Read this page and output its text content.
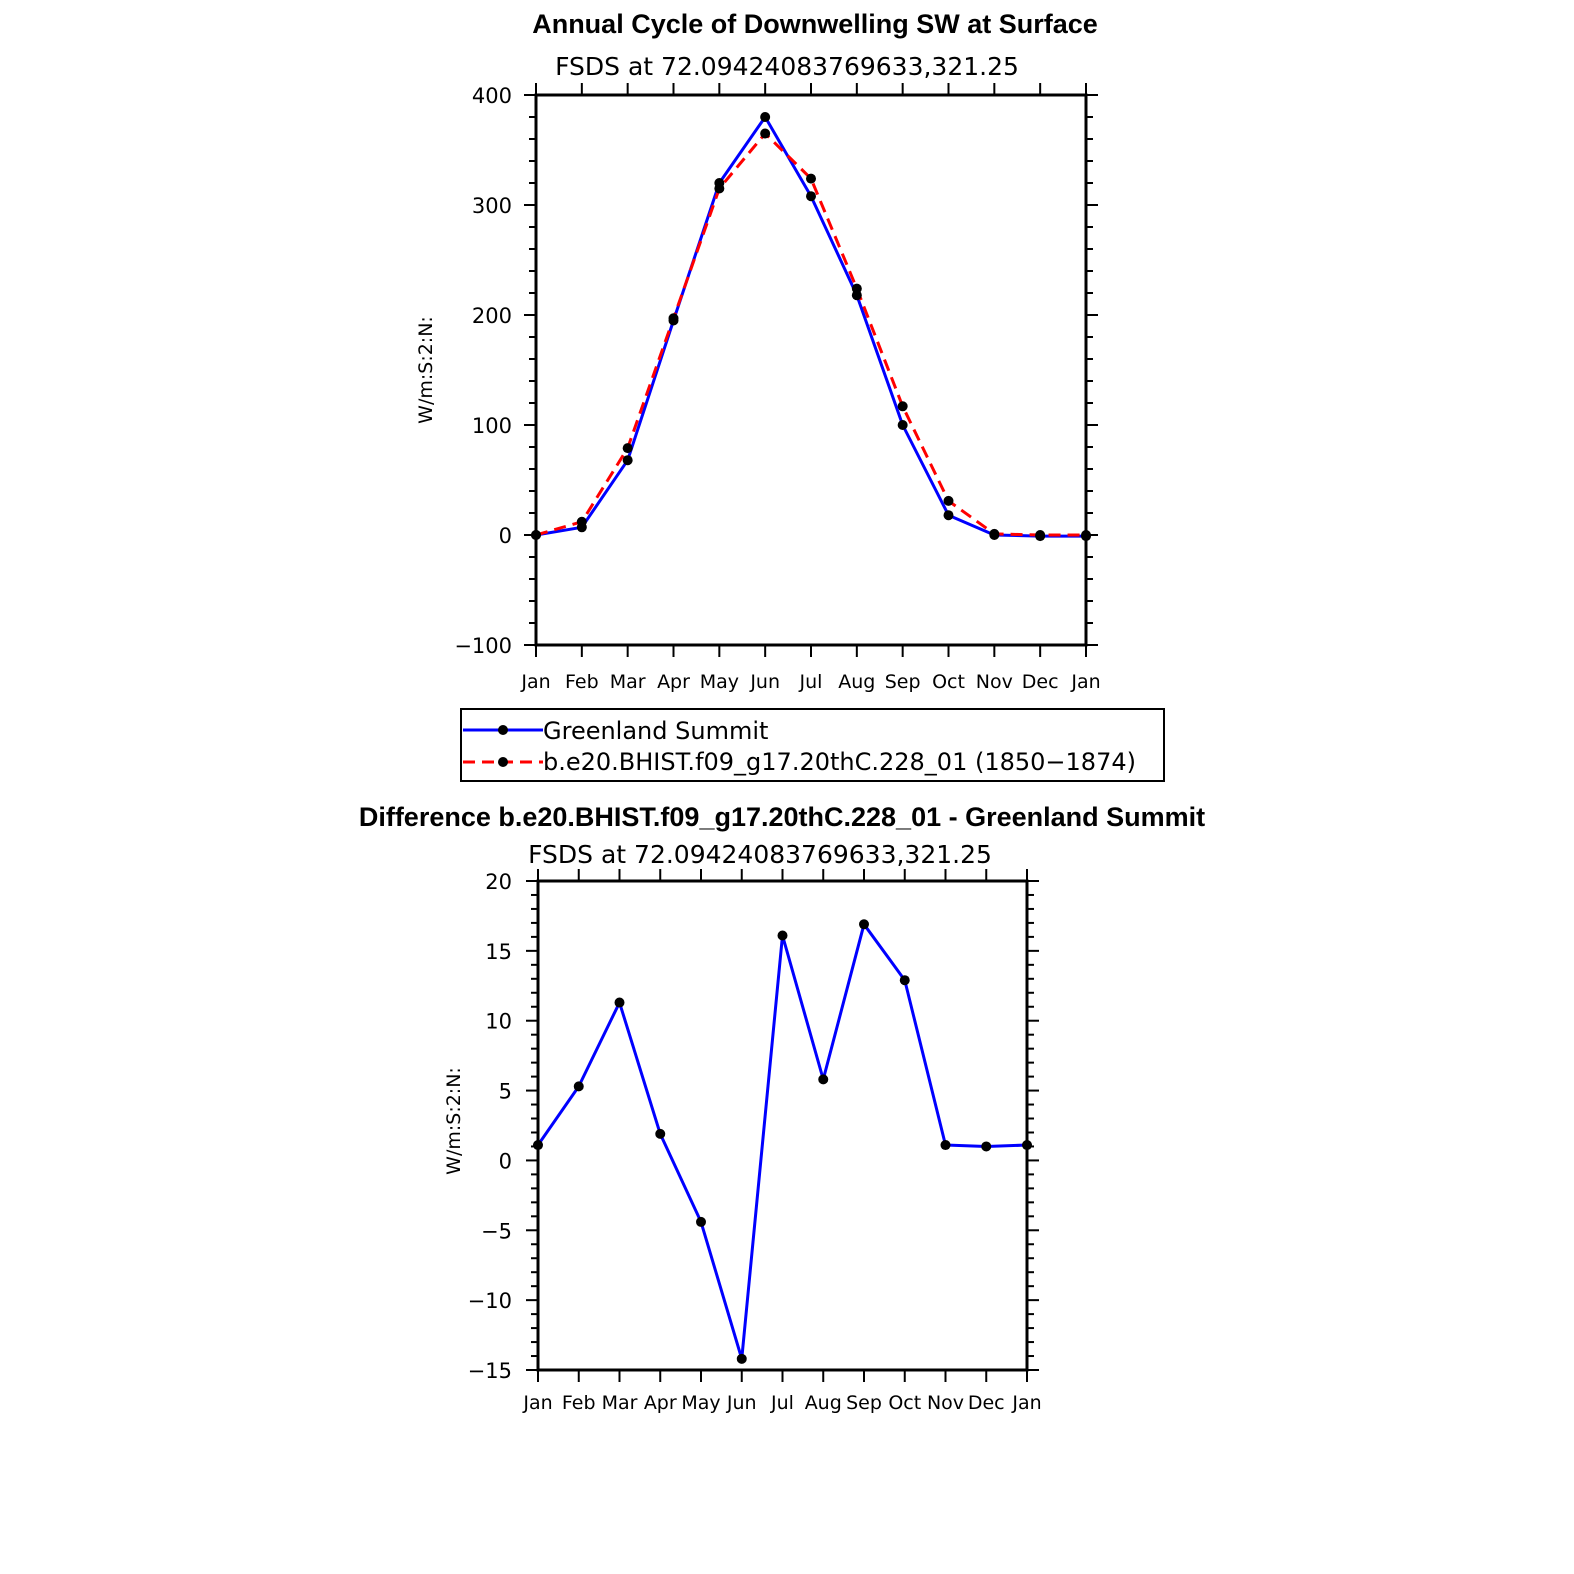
Annual Cycle of Downwelling SW at Surface
FSDS at 72.09424083769633,321.25
W/m:S:2:N:
Jan Feb Mar Apr May Jun Jul Aug Sep Oct Nov Dec Jan
−100
0
100
200
300
400
Greenland Summit
b.e20.BHIST.f09_g17.20thC.228_01 (1850−1874)
Difference b.e20.BHIST.f09_g17.20thC.228_01 - Greenland Summit
FSDS at 72.09424083769633,321.25
W/m:S:2:N:
Jan Feb Mar Apr May Jun Jul Aug Sep Oct Nov Dec Jan
−15
−10
−5
0
5
10
15
20
